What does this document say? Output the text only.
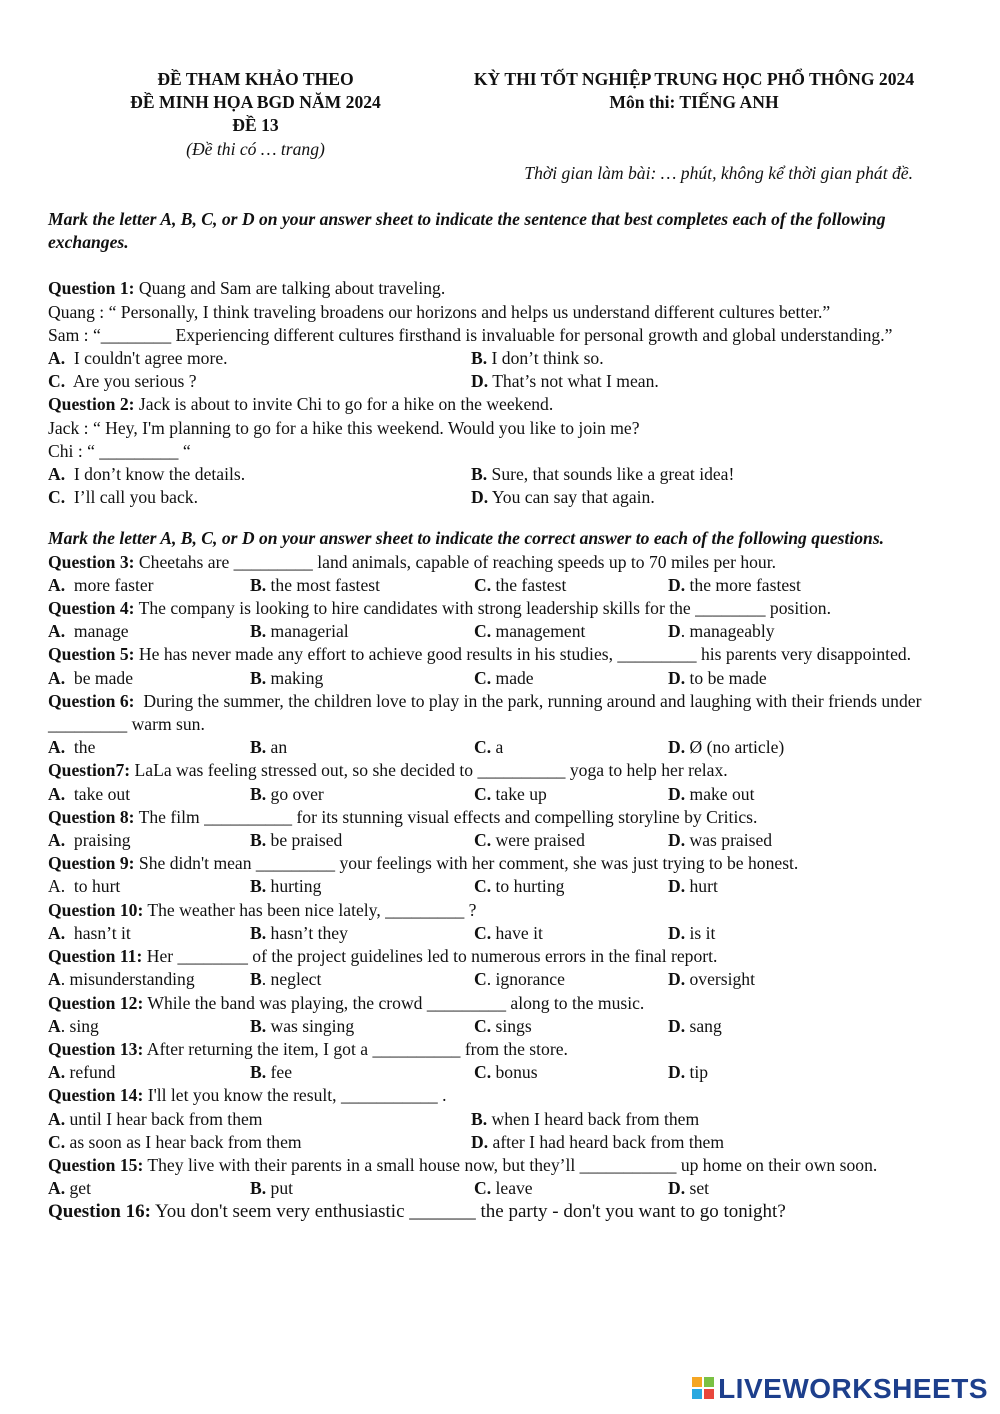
ĐỀ THAM KHẢO THEO
ĐỀ MINH HỌA BGD NĂM 2024
ĐỀ 13
(Đề thi có … trang)
KỲ THI TỐT NGHIỆP TRUNG HỌC PHỔ THÔNG 2024
Môn thi: TIẾNG ANH
Thời gian làm bài: … phút, không kể thời gian phát đề.
Mark the letter A, B, C, or D on your answer sheet to indicate the sentence that best completes each of the following exchanges.
Question 1: Quang and Sam are talking about traveling.
Quang : “ Personally, I think traveling broadens our horizons and helps us understand different cultures better.”
Sam : “________ Experiencing different cultures firsthand is invaluable for personal growth and global understanding.”
A.  I couldn't agree more.	B. I don’t think so.
C.  Are you serious ?	D. That’s not what I mean.
Question 2: Jack is about to invite Chi to go for a hike on the weekend.
Jack : “ Hey, I'm planning to go for a hike this weekend. Would you like to join me?
Chi : “ _________ “
A.  I don’t know the details.	B. Sure, that sounds like a great idea!
C.  I’ll call you back.	D. You can say that again.
Mark the letter A, B, C, or D on your answer sheet to indicate the correct answer to each of the following questions.
Question 3: Cheetahs are _________ land animals, capable of reaching speeds up to 70 miles per hour.
A.  more faster	B. the most fastest	C. the fastest	D. the more fastest
Question 4: The company is looking to hire candidates with strong leadership skills for the ________ position.
A.  manage	B. managerial	C. management	D. manageably
Question 5: He has never made any effort to achieve good results in his studies, _________ his parents very disappointed.
A.  be made	B. making	C. made	D. to be made
Question 6:  During the summer, the children love to play in the park, running around and laughing with their friends under _________ warm sun.
A.  the	B. an	C. a	D. Ø (no article)
Question7: LaLa was feeling stressed out, so she decided to __________ yoga to help her relax.
A.  take out	B. go over	C. take up	D. make out
Question 8: The film __________ for its stunning visual effects and compelling storyline by Critics.
A.  praising	B. be praised	C. were praised	D. was praised
Question 9: She didn't mean _________ your feelings with her comment, she was just trying to be honest.
A.  to hurt	B. hurting	C. to hurting	D. hurt
Question 10: The weather has been nice lately, _________ ?
A.  hasn’t it	B. hasn’t they	C. have it	D. is it
Question 11: Her ________ of the project guidelines led to numerous errors in the final report.
A. misunderstanding	B. neglect	C. ignorance	D. oversight
Question 12: While the band was playing, the crowd _________ along to the music.
A. sing	B. was singing	C. sings	D. sang
Question 13: After returning the item, I got a __________ from the store.
A. refund	B. fee	C. bonus	D. tip
Question 14: I'll let you know the result, ___________ .
A. until I hear back from them	B. when I heard back from them
C. as soon as I hear back from them	D. after I had heard back from them
Question 15: They live with their parents in a small house now, but they’ll ___________ up home on their own soon.
A. get	B. put	C. leave	D. set
Question 16: You don't seem very enthusiastic _______ the party - don't you want to go tonight?
LIVEWORKSHEETS
